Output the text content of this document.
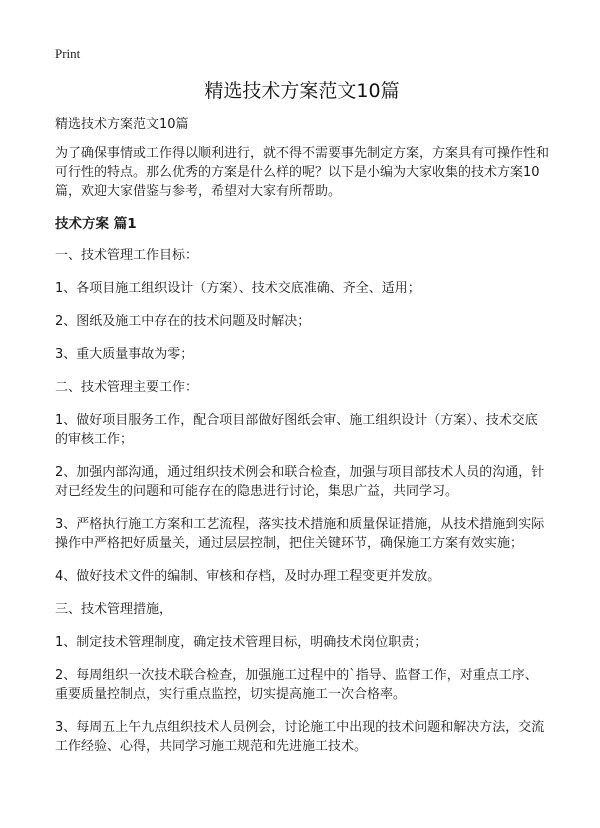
Print
精选技术方案范文10篇

精选技术方案范文10篇

为了确保事情或工作得以顺利进行，就不得不需要事先制定方案，方案具有可操作性和可行性的特点。那么优秀的方案是什么样的呢？以下是小编为大家收集的技术方案10篇，欢迎大家借鉴与参考，希望对大家有所帮助。

技术方案 篇1

一、技术管理工作目标：

1、各项目施工组织设计（方案）、技术交底准确、齐全、适用；

2、图纸及施工中存在的技术问题及时解决；

3、重大质量事故为零；

二、技术管理主要工作：

1、做好项目服务工作，配合项目部做好图纸会审、施工组织设计（方案）、技术交底的审核工作；

2、加强内部沟通，通过组织技术例会和联合检查，加强与项目部技术人员的沟通，针对已经发生的问题和可能存在的隐患进行讨论，集思广益，共同学习。

3、严格执行施工方案和工艺流程，落实技术措施和质量保证措施，从技术措施到实际操作中严格把好质量关，通过层层控制，把住关键环节，确保施工方案有效实施；

4、做好技术文件的编制、审核和存档，及时办理工程变更并发放。

三、技术管理措施，

1、制定技术管理制度，确定技术管理目标，明确技术岗位职责；

2、每周组织一次技术联合检查，加强施工过程中的`指导、监督工作，对重点工序、重要质量控制点，实行重点监控，切实提高施工一次合格率。

3、每周五上午九点组织技术人员例会，讨论施工中出现的技术问题和解决方法，交流工作经验、心得，共同学习施工规范和先进施工技术。
